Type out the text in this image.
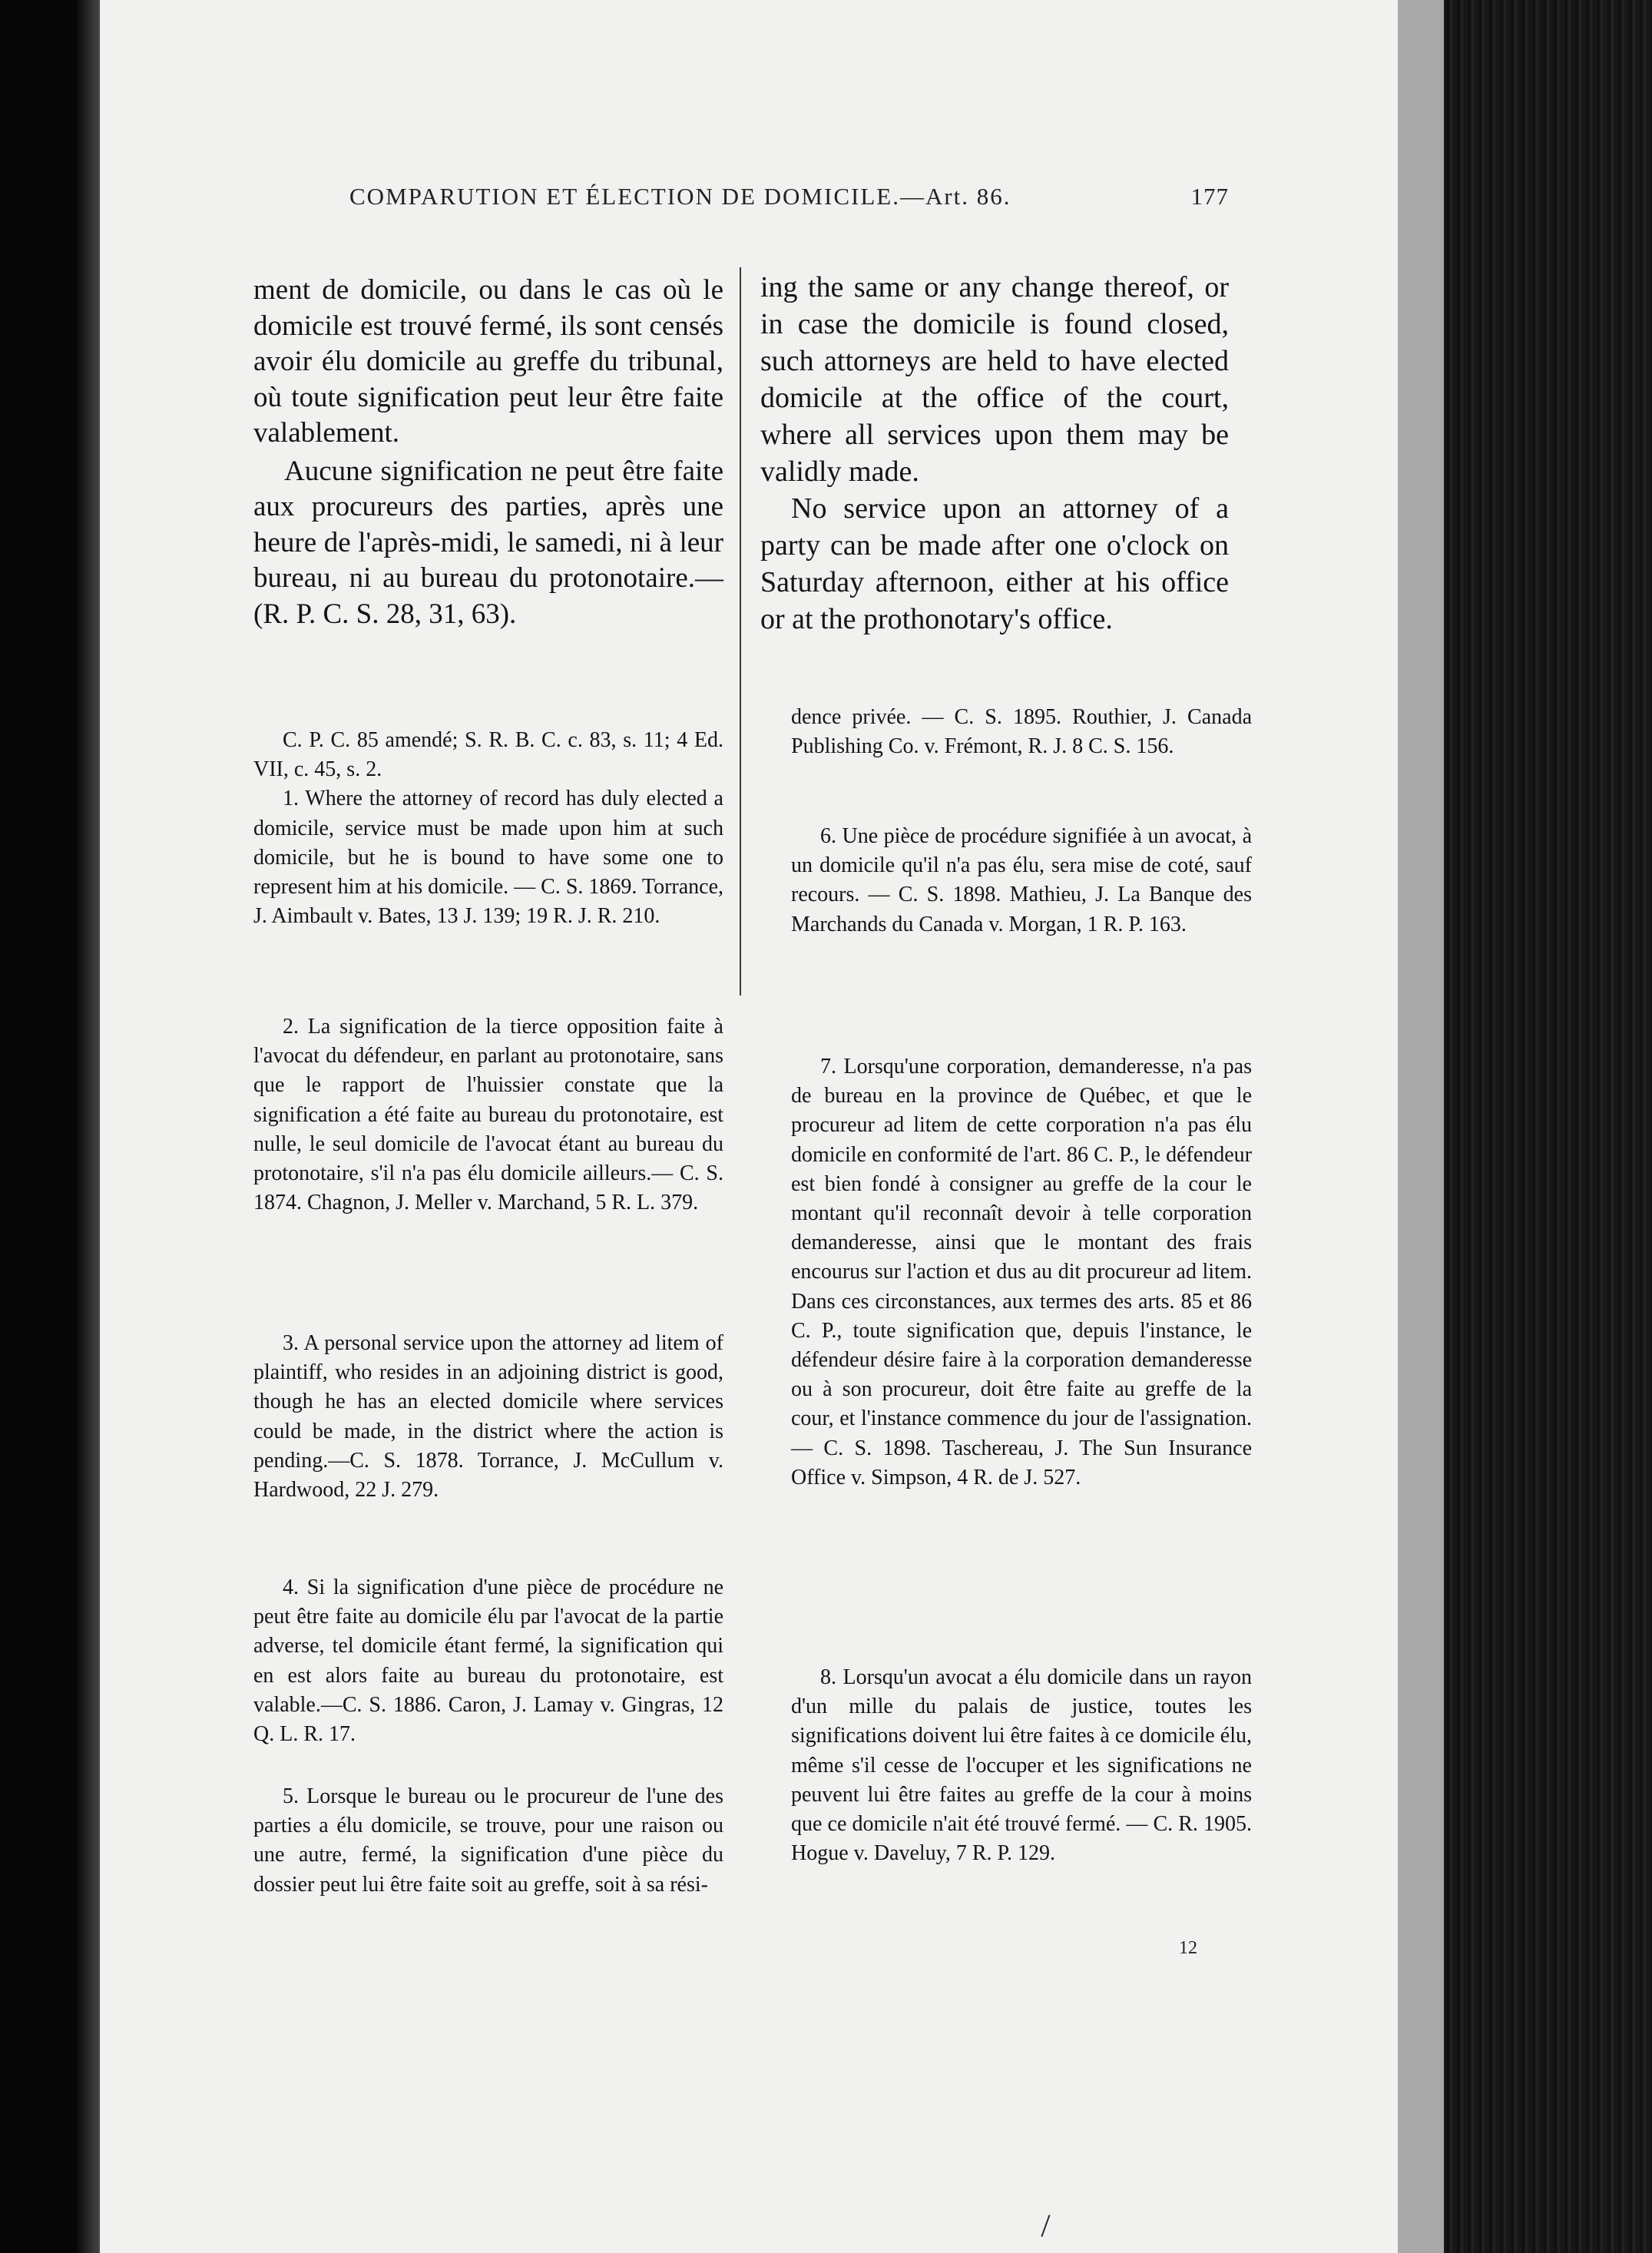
COMPARUTION ET ÉLECTION DE DOMICILE.—Art. 86.	177

ment de domicile, ou dans le cas où le domicile est trouvé fermé, ils sont censés avoir élu domicile au greffe du tribunal, où toute signification peut leur être faite valablement.

Aucune signification ne peut être faite aux procureurs des parties, après une heure de l'après-midi, le samedi, ni à leur bureau, ni au bureau du protonotaire.—(R. P. C. S. 28, 31, 63).

ing the same or any change thereof, or in case the domicile is found closed, such attorneys are held to have elected domicile at the office of the court, where all services upon them may be validly made.

No service upon an attorney of a party can be made after one o'clock on Saturday afternoon, either at his office or at the prothonotary's office.

C. P. C. 85 amendé; S. R. B. C. c. 83, s. 11; 4 Ed. VII, c. 45, s. 2.

1. Where the attorney of record has duly elected a domicile, service must be made upon him at such domicile, but he is bound to have some one to represent him at his domicile. — C. S. 1869. Torrance, J. Aimbault v. Bates, 13 J. 139; 19 R. J. R. 210.

2. La signification de la tierce opposition faite à l'avocat du défendeur, en parlant au protonotaire, sans que le rapport de l'huissier constate que la signification a été faite au bureau du protonotaire, est nulle, le seul domicile de l'avocat étant au bureau du protonotaire, s'il n'a pas élu domicile ailleurs.— C. S. 1874. Chagnon, J. Meller v. Marchand, 5 R. L. 379.

3. A personal service upon the attorney ad litem of plaintiff, who resides in an adjoining district is good, though he has an elected domicile where services could be made, in the district where the action is pending.—C. S. 1878. Torrance, J. McCullum v. Hardwood, 22 J. 279.

4. Si la signification d'une pièce de procédure ne peut être faite au domicile élu par l'avocat de la partie adverse, tel domicile étant fermé, la signification qui en est alors faite au bureau du protonotaire, est valable.—C. S. 1886. Caron, J. Lamay v. Gingras, 12 Q. L. R. 17.

5. Lorsque le bureau ou le procureur de l'une des parties a élu domicile, se trouve, pour une raison ou une autre, fermé, la signification d'une pièce du dossier peut lui être faite soit au greffe, soit à sa rési-

dence privée. — C. S. 1895. Routhier, J. Canada Publishing Co. v. Frémont, R. J. 8 C. S. 156.

6. Une pièce de procédure signifiée à un avocat, à un domicile qu'il n'a pas élu, sera mise de coté, sauf recours. — C. S. 1898. Mathieu, J. La Banque des Marchands du Canada v. Morgan, 1 R. P. 163.

7. Lorsqu'une corporation, demanderesse, n'a pas de bureau en la province de Québec, et que le procureur ad litem de cette corporation n'a pas élu domicile en conformité de l'art. 86 C. P., le défendeur est bien fondé à consigner au greffe de la cour le montant qu'il reconnaît devoir à telle corporation demanderesse, ainsi que le montant des frais encourus sur l'action et dus au dit procureur ad litem. Dans ces circonstances, aux termes des arts. 85 et 86 C. P., toute signification que, depuis l'instance, le défendeur désire faire à la corporation demanderesse ou à son procureur, doit être faite au greffe de la cour, et l'instance commence du jour de l'assignation. — C. S. 1898. Taschereau, J. The Sun Insurance Office v. Simpson, 4 R. de J. 527.

8. Lorsqu'un avocat a élu domicile dans un rayon d'un mille du palais de justice, toutes les significations doivent lui être faites à ce domicile élu, même s'il cesse de l'occuper et les significations ne peuvent lui être faites au greffe de la cour à moins que ce domicile n'ait été trouvé fermé. — C. R. 1905. Hogue v. Daveluy, 7 R. P. 129.

12
